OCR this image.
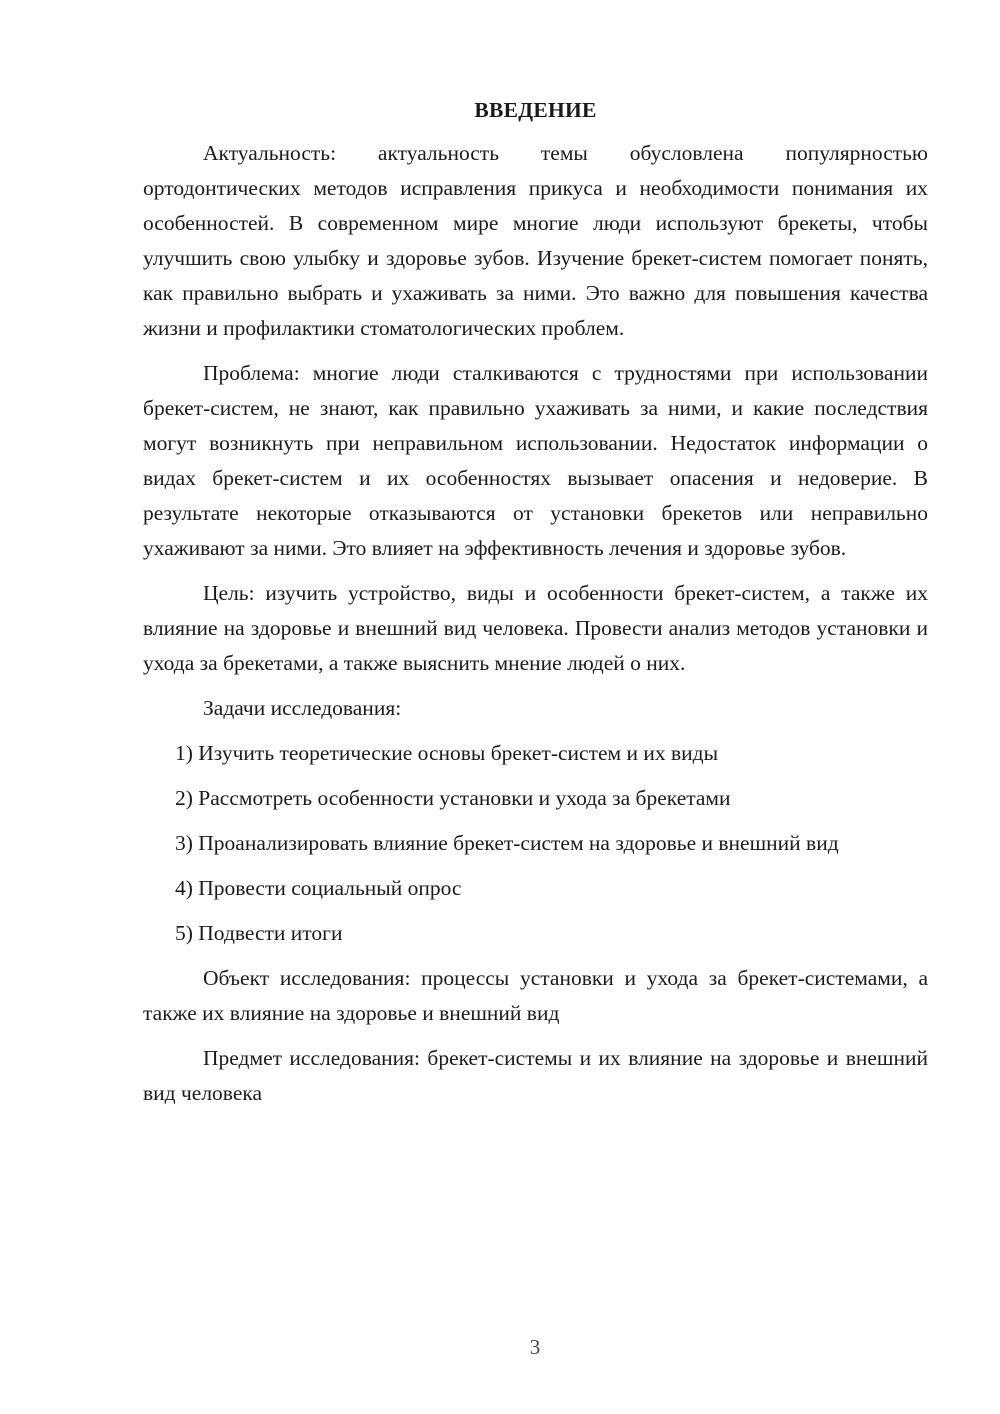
ВВЕДЕНИЕ

Актуальность: актуальность темы обусловлена популярностью ортодонтических методов исправления прикуса и необходимости понимания их особенностей. В современном мире многие люди используют брекеты, чтобы улучшить свою улыбку и здоровье зубов. Изучение брекет-систем помогает понять, как правильно выбрать и ухаживать за ними. Это важно для повышения качества жизни и профилактики стоматологических проблем.

Проблема: многие люди сталкиваются с трудностями при использовании брекет-систем, не знают, как правильно ухаживать за ними, и какие последствия могут возникнуть при неправильном использовании. Недостаток информации о видах брекет-систем и их особенностях вызывает опасения и недоверие. В результате некоторые отказываются от установки брекетов или неправильно ухаживают за ними. Это влияет на эффективность лечения и здоровье зубов.

Цель: изучить устройство, виды и особенности брекет-систем, а также их влияние на здоровье и внешний вид человека. Провести анализ методов установки и ухода за брекетами, а также выяснить мнение людей о них.

Задачи исследования:

1) Изучить теоретические основы брекет-систем и их виды
2) Рассмотреть особенности установки и ухода за брекетами
3) Проанализировать влияние брекет-систем на здоровье и внешний вид
4) Провести социальный опрос
5) Подвести итоги

Объект исследования: процессы установки и ухода за брекет-системами, а также их влияние на здоровье и внешний вид

Предмет исследования: брекет-системы и их влияние на здоровье и внешний вид человека

3
